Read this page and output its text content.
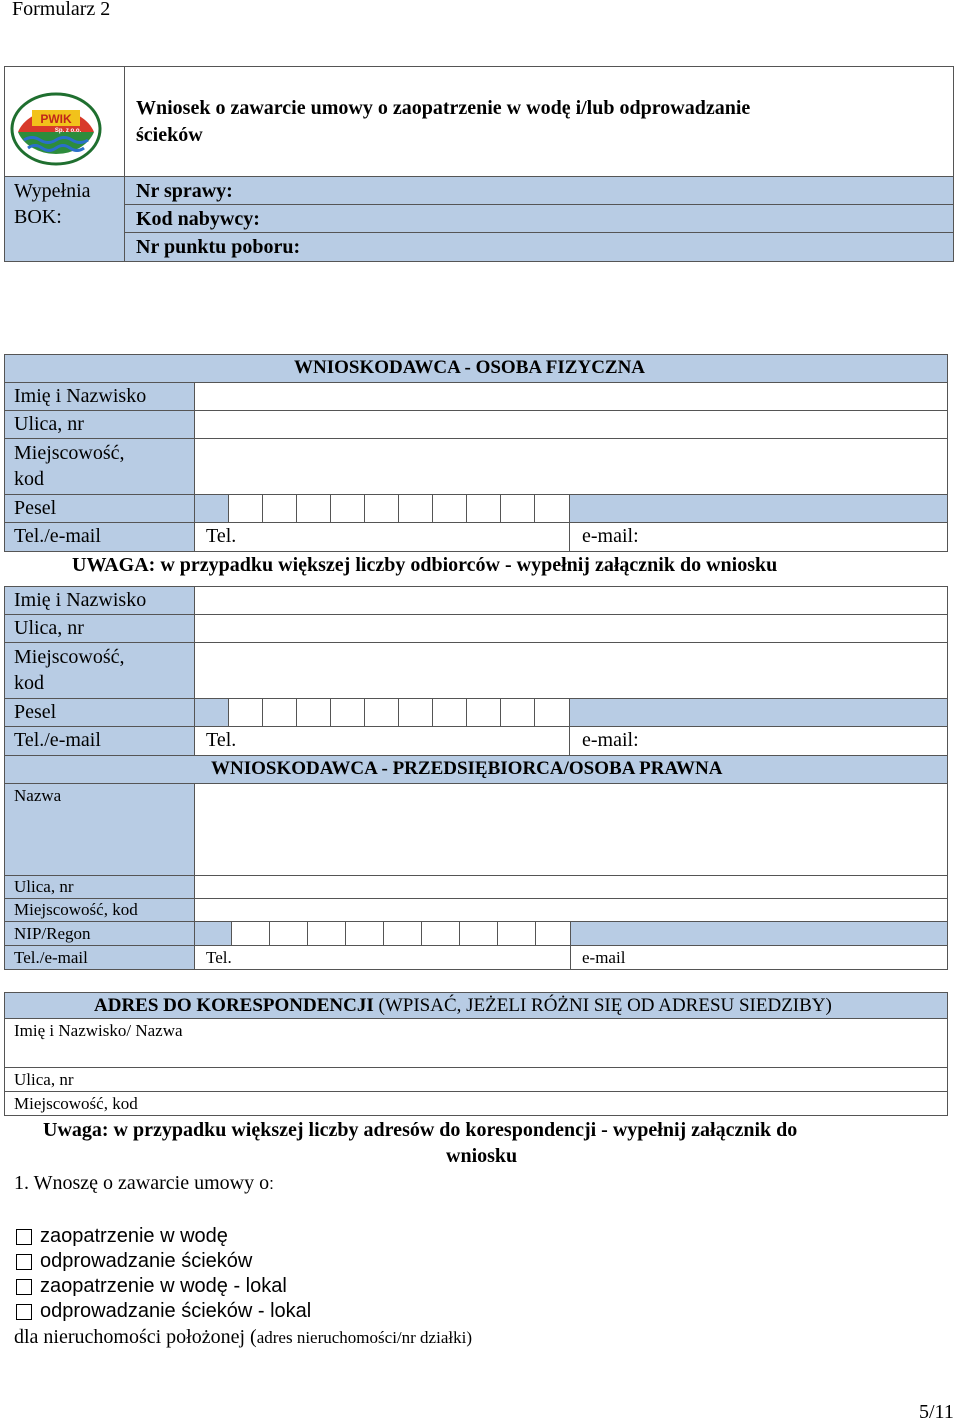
Formularz 2
RYBNIK
PWIK
Sp. z o.o.
Wniosek o zawarcie umowy o zaopatrzenie w wodę i/lub odprowadzanie
ścieków
Wypełnia
BOK:
Nr sprawy:
Kod nabywcy:
Nr punktu poboru:
WNIOSKODAWCA - OSOBA FIZYCZNA
Imię i Nazwisko
Ulica, nr
Miejscowość,
kod
Pesel
Tel./e-mail	Tel.	e-mail:
UWAGA: w przypadku większej liczby odbiorców - wypełnij załącznik do wniosku
Imię i Nazwisko
Ulica, nr
Miejscowość,
kod
Pesel
Tel./e-mail	Tel.	e-mail:
WNIOSKODAWCA - PRZEDSIĘBIORCA/OSOBA PRAWNA
Nazwa
Ulica, nr
Miejscowość, kod
NIP/Regon
Tel./e-mail	Tel.	e-mail
ADRES DO KORESPONDENCJI (WPISAĆ, JEŻELI RÓŻNI SIĘ OD ADRESU SIEDZIBY)
Imię i Nazwisko/ Nazwa
Ulica, nr
Miejscowość, kod
Uwaga: w przypadku większej liczby adresów do korespondencji - wypełnij załącznik do
wniosku
1. Wnoszę o zawarcie umowy o:
zaopatrzenie w wodę
odprowadzanie ścieków
zaopatrzenie w wodę - lokal
odprowadzanie ścieków - lokal
dla nieruchomości położonej (adres nieruchomości/nr działki)
5/11
